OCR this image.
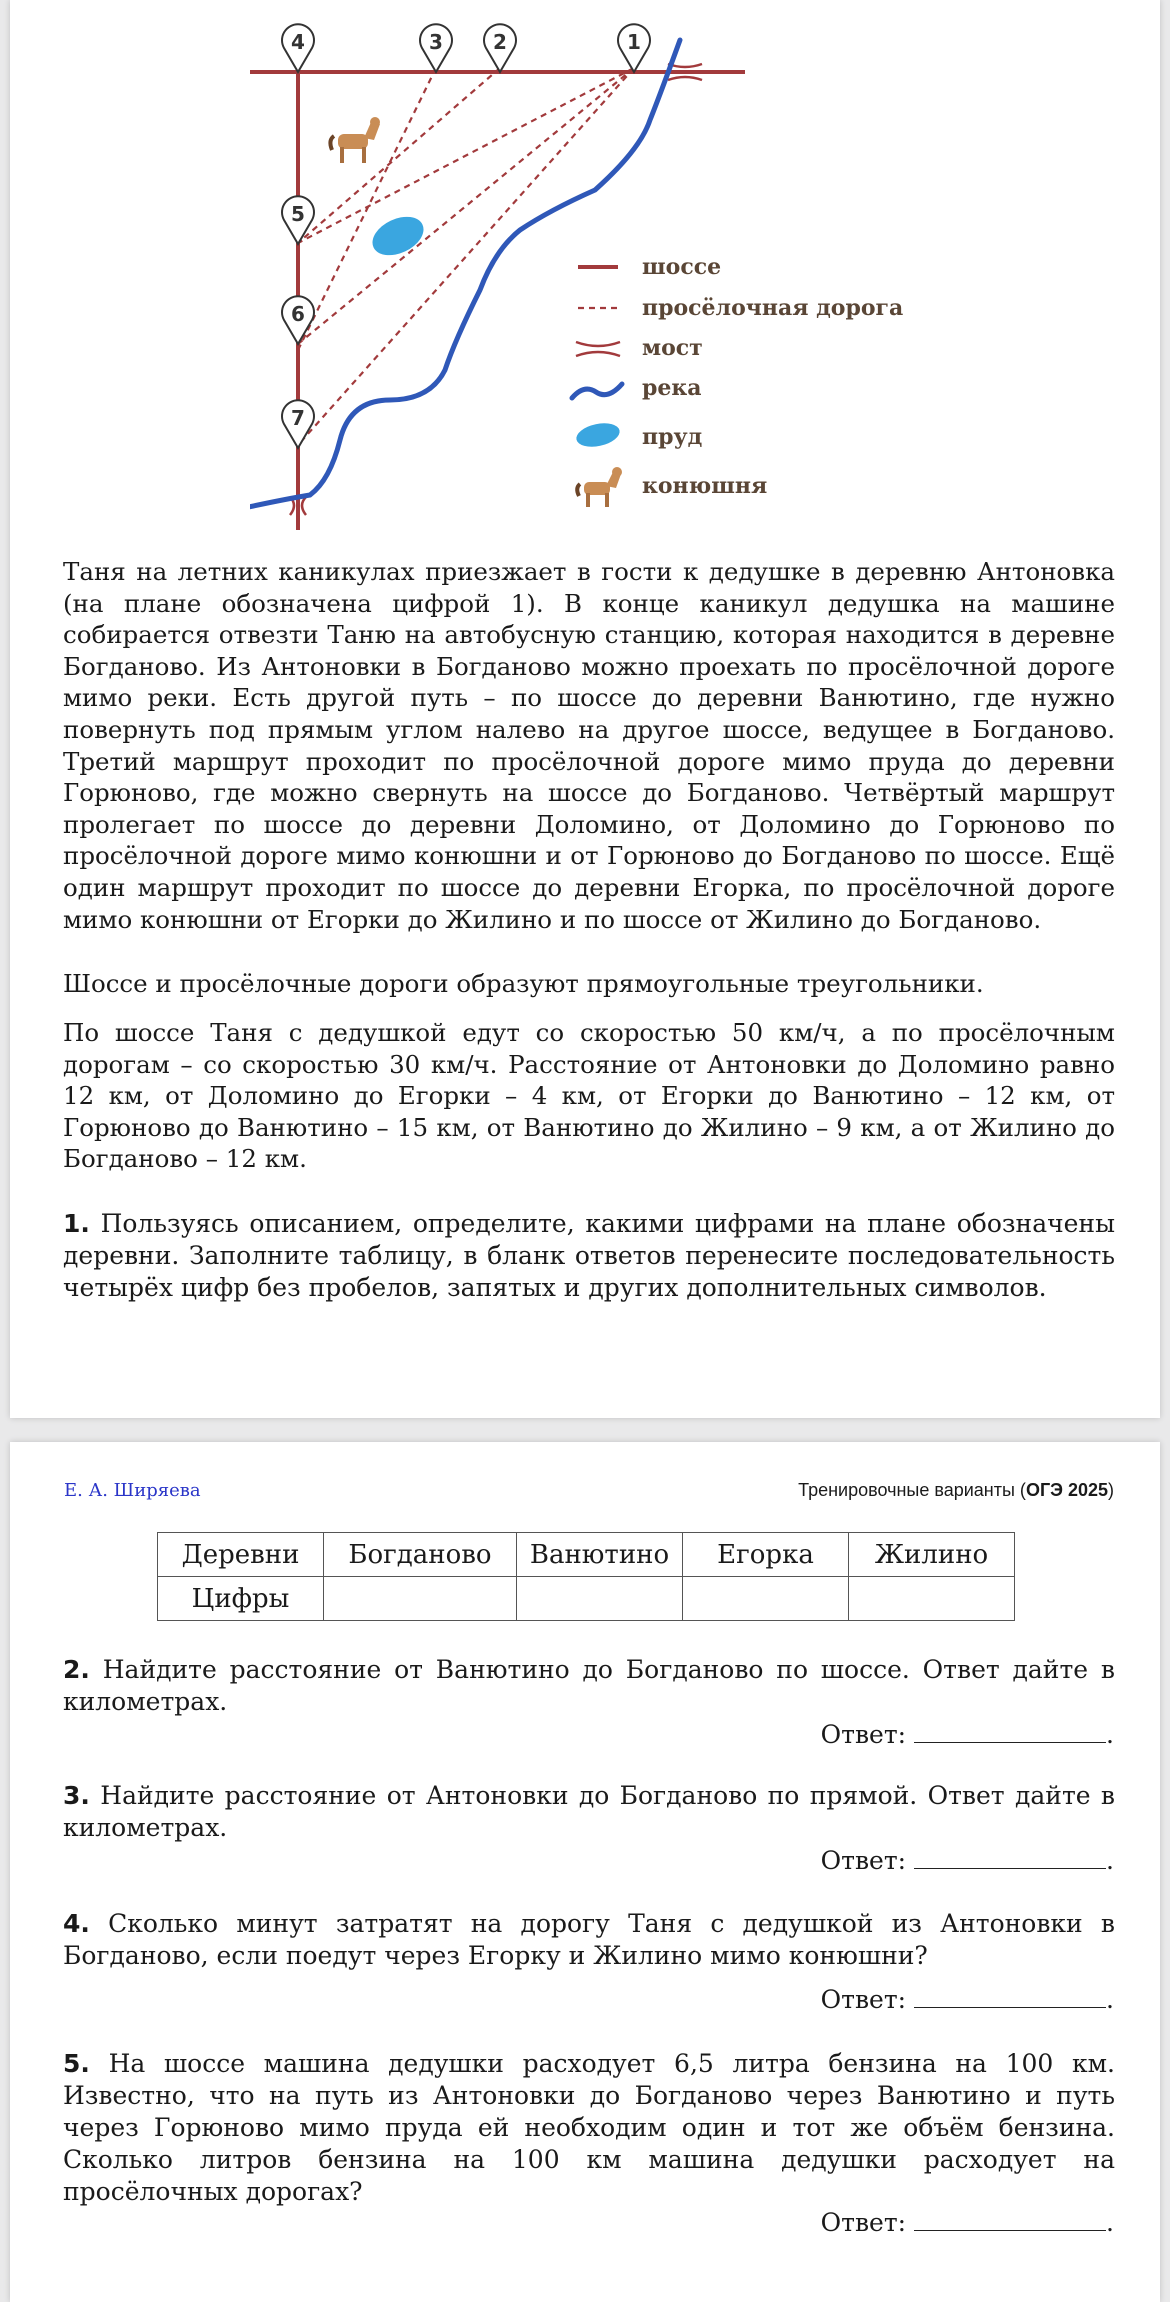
4	3	2	1
5
6
7
шоссе
просёлочная дорога
мост
река
пруд
конюшня

Таня на летних каникулах приезжает в гости к дедушке в деревню Антоновка (на плане обозначена цифрой 1). В конце каникул дедушка на машине собирается отвезти Таню на автобусную станцию, которая находится в деревне Богданово. Из Антоновки в Богданово можно проехать по просёлочной дороге мимо реки. Есть другой путь – по шоссе до деревни Ванютино, где нужно повернуть под прямым углом налево на другое шоссе, ведущее в Богданово. Третий маршрут проходит по просёлочной дороге мимо пруда до деревни Горюново, где можно свернуть на шоссе до Богданово. Четвёртый маршрут пролегает по шоссе до деревни Доломино, от Доломино до Горюново по просёлочной дороге мимо конюшни и от Горюново до Богданово по шоссе. Ещё один маршрут проходит по шоссе до деревни Егорка, по просёлочной дороге мимо конюшни от Егорки до Жилино и по шоссе от Жилино до Богданово.

Шоссе и просёлочные дороги образуют прямоугольные треугольники.

По шоссе Таня с дедушкой едут со скоростью 50 км/ч, а по просёлочным дорогам – со скоростью 30 км/ч. Расстояние от Антоновки до Доломино равно 12 км, от Доломино до Егорки – 4 км, от Егорки до Ванютино – 12 км, от Горюново до Ванютино – 15 км, от Ванютино до Жилино – 9 км, а от Жилино до Богданово – 12 км.

1. Пользуясь описанием, определите, какими цифрами на плане обозначены деревни. Заполните таблицу, в бланк ответов перенесите последовательность четырёх цифр без пробелов, запятых и других дополнительных символов.

Е. А. Ширяева	Тренировочные варианты (ОГЭ 2025)
Деревни	Богданово	Ванютино	Егорка	Жилино
Цифры				

2. Найдите расстояние от Ванютино до Богданово по шоссе. Ответ дайте в километрах.

Ответ:	.

3. Найдите расстояние от Антоновки до Богданово по прямой. Ответ дайте в километрах.

Ответ:	.

4. Сколько минут затратят на дорогу Таня с дедушкой из Антоновки в Богданово, если поедут через Егорку и Жилино мимо конюшни?

Ответ:	.

5. На шоссе машина дедушки расходует 6,5 литра бензина на 100 км. Известно, что на путь из Антоновки до Богданово через Ванютино и путь через Горюново мимо пруда ей необходим один и тот же объём бензина. Сколько литров бензина на 100 км машина дедушки расходует на просёлочных дорогах?

Ответ:	.
